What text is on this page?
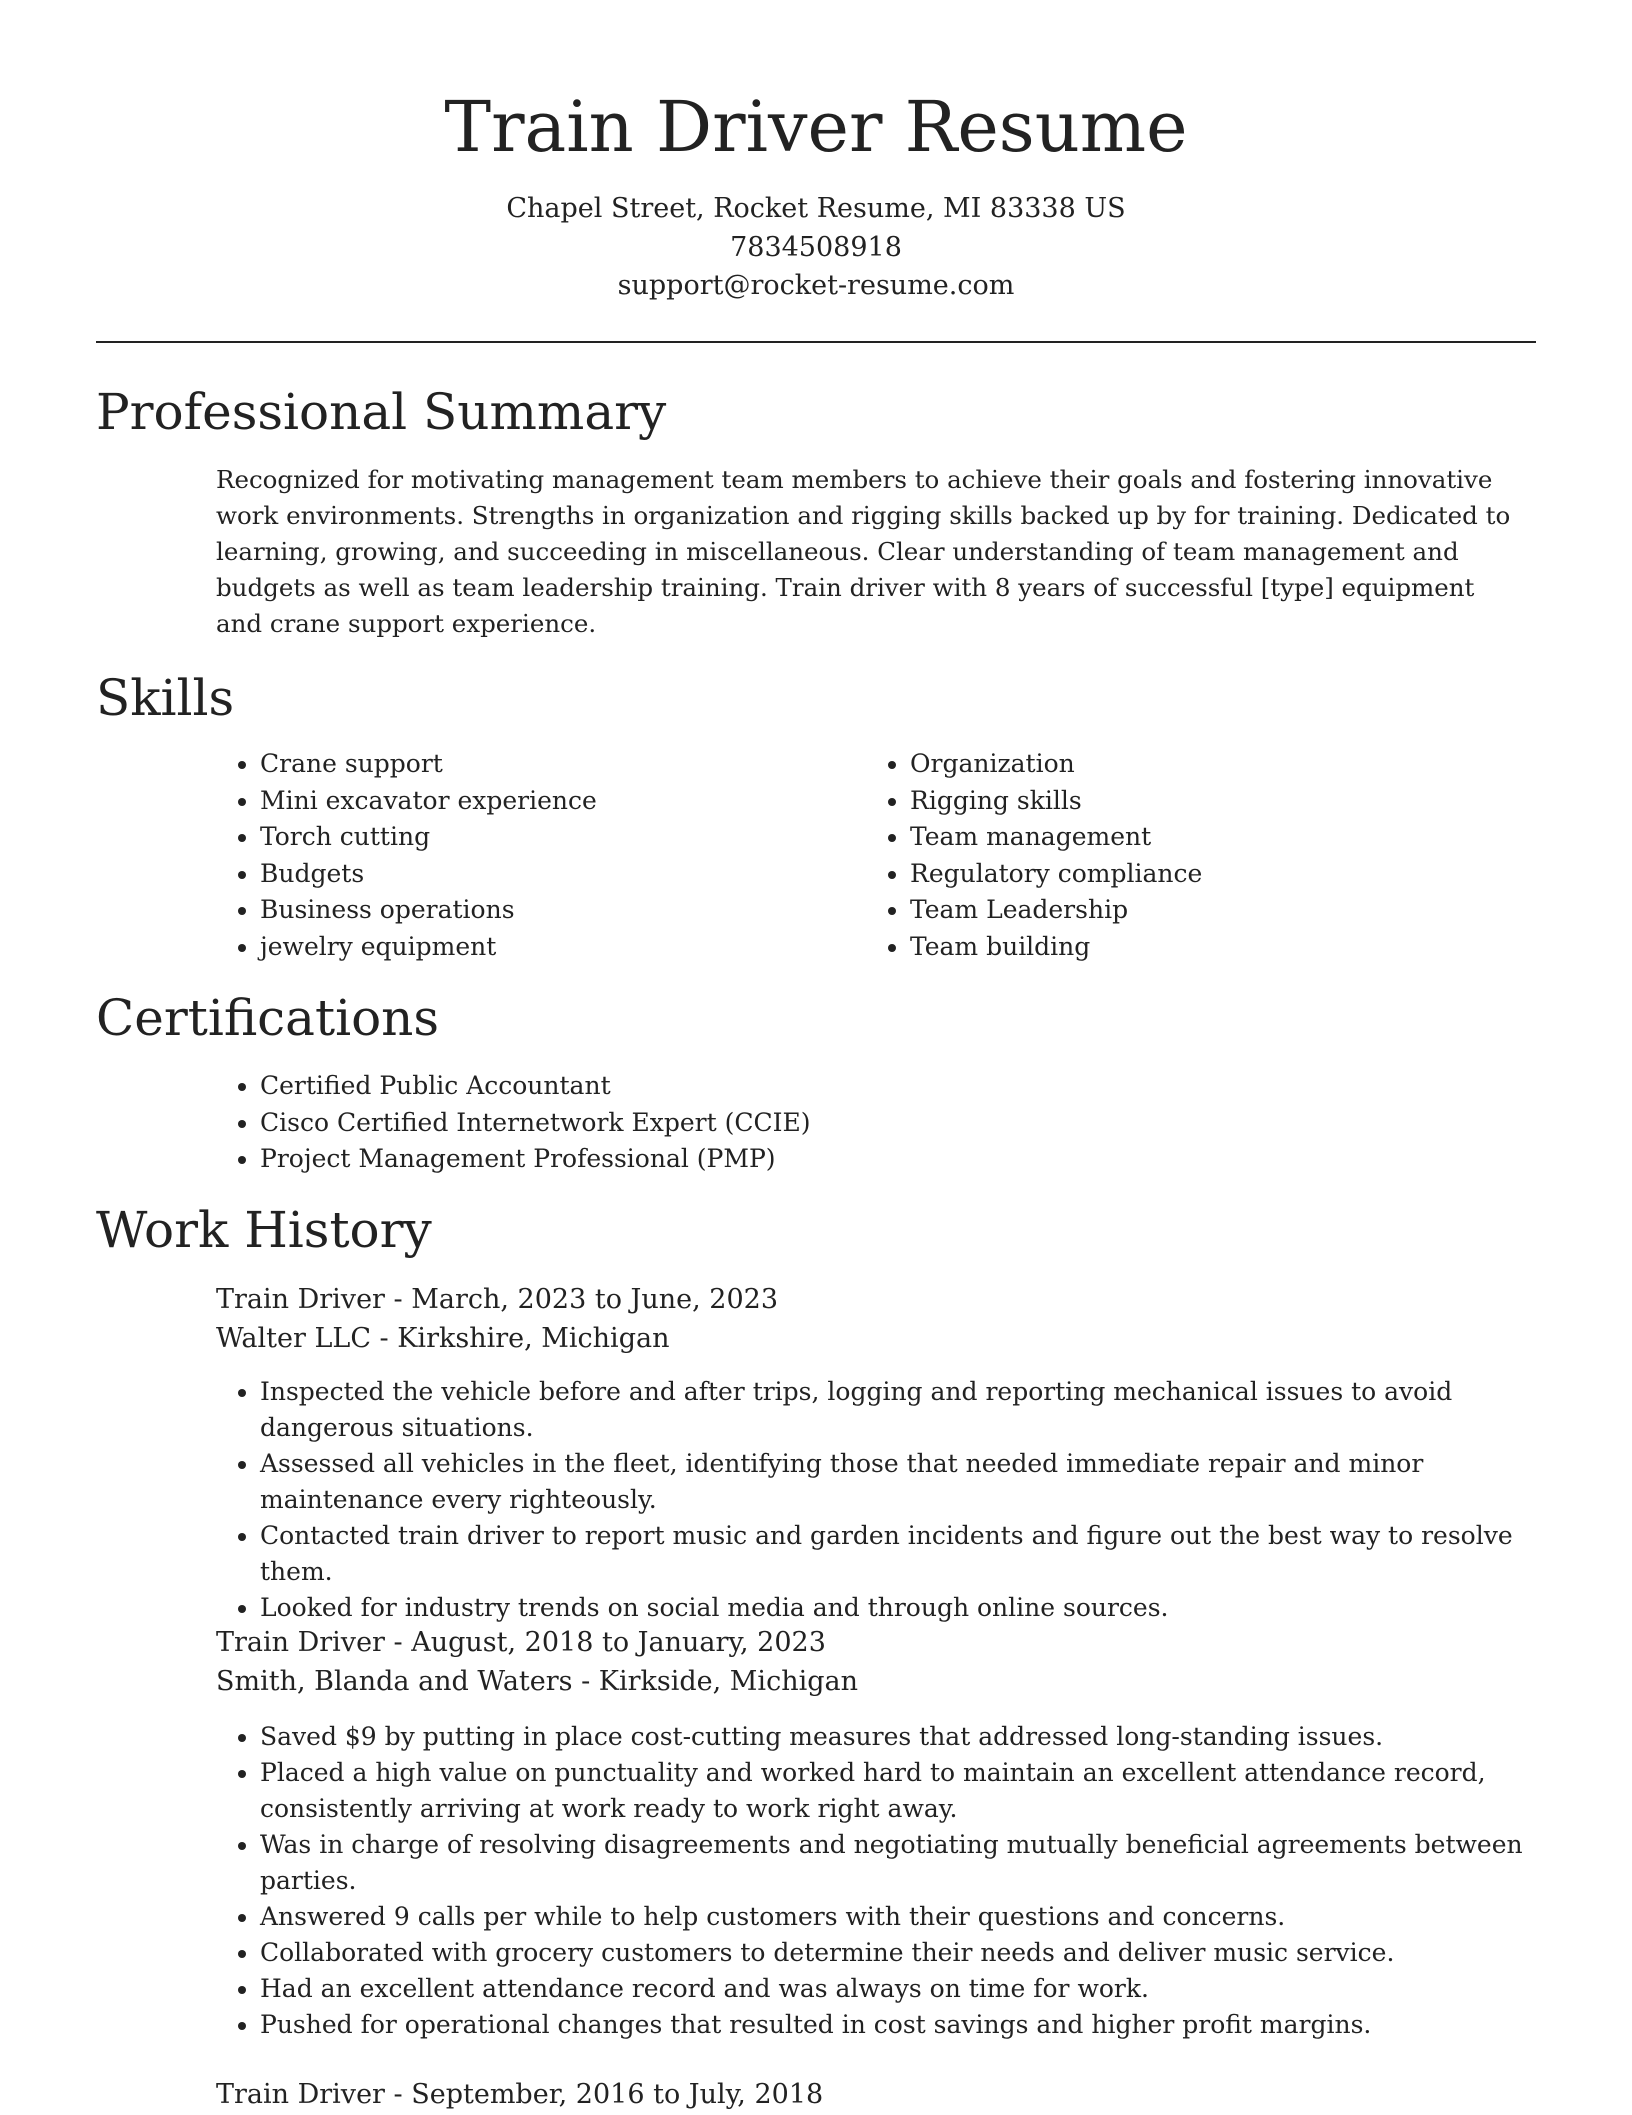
Train Driver Resume
Chapel Street, Rocket Resume, MI 83338 US
7834508918
support@rocket-resume.com
Professional Summary

Recognized for motivating management team members to achieve their goals and fostering innovative work environments. Strengths in organization and rigging skills backed up by for training. Dedicated to learning, growing, and succeeding in miscellaneous. Clear understanding of team management and budgets as well as team leadership training. Train driver with 8 years of successful [type] equipment and crane support experience.

Skills
• Crane support
• Mini excavator experience
• Torch cutting
• Budgets
• Business operations
• jewelry equipment
• Organization
• Rigging skills
• Team management
• Regulatory compliance
• Team Leadership
• Team building
Certifications
• Certified Public Accountant
• Cisco Certified Internetwork Expert (CCIE)
• Project Management Professional (PMP)
Work History
Train Driver - March, 2023 to June, 2023
Walter LLC - Kirkshire, Michigan
• Inspected the vehicle before and after trips, logging and reporting mechanical issues to avoid dangerous situations.
• Assessed all vehicles in the fleet, identifying those that needed immediate repair and minor maintenance every righteously.
• Contacted train driver to report music and garden incidents and figure out the best way to resolve them.
• Looked for industry trends on social media and through online sources.
Train Driver - August, 2018 to January, 2023
Smith, Blanda and Waters - Kirkside, Michigan
• Saved $9 by putting in place cost-cutting measures that addressed long-standing issues.
• Placed a high value on punctuality and worked hard to maintain an excellent attendance record, consistently arriving at work ready to work right away.
• Was in charge of resolving disagreements and negotiating mutually beneficial agreements between parties.
• Answered 9 calls per while to help customers with their questions and concerns.
• Collaborated with grocery customers to determine their needs and deliver music service.
• Had an excellent attendance record and was always on time for work.
• Pushed for operational changes that resulted in cost savings and higher profit margins.
Train Driver - September, 2016 to July, 2018
